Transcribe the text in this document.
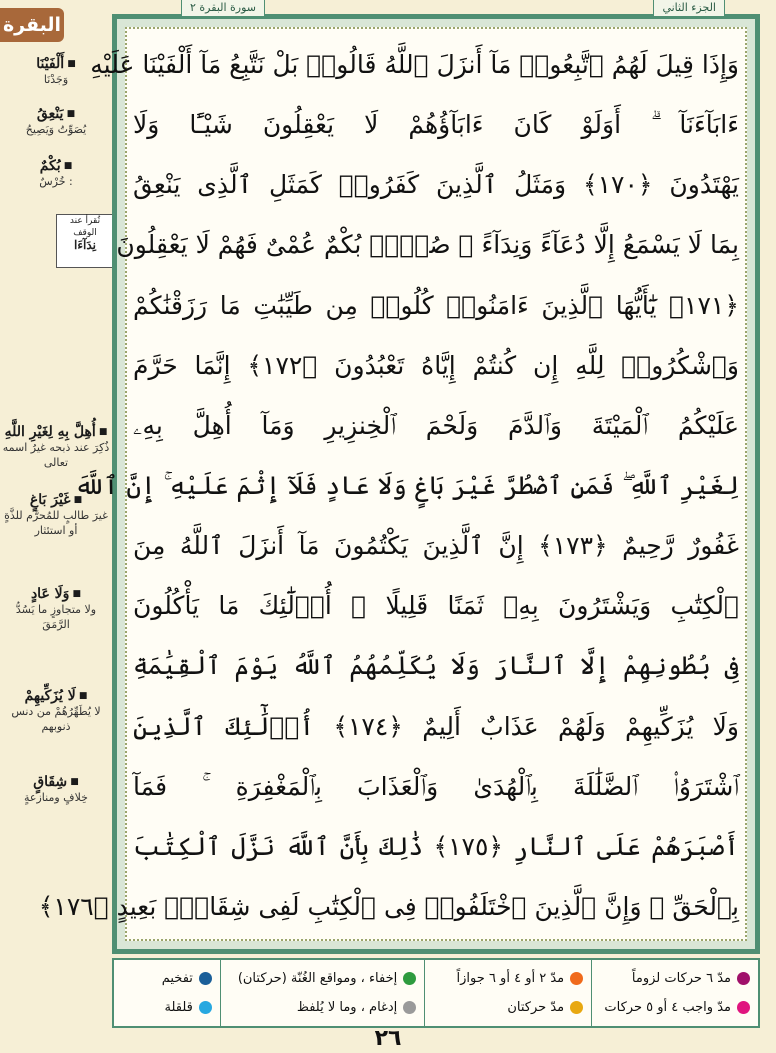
البقرة
■ أَلْفَيْنَا
وَجَدْنَا
■ يَنْعِقُ
يُصَوِّتُ وَيَصِيحُ
■ بُكْمٌ
: خُرْسٌ
■ أُهِلَّ بِهِ لِغَيْرِ اللَّهِ
ذُكِرَ عند ذبحه غيرُ اسمه تعالى
■ غَيْرَ بَاغٍ
غيرَ طالبٍ للمُحرَّم للذَّةٍ أو استئثار
■ وَلَا عَادٍ
ولا متجاوزٍ ما يَسُدُّ الرَّمَقَ
■ لَا يُزَكِّيهِمْ
لا يُطَهِّرُهُمْ من دنس ذنوبهم
■ شِقَاقٍ
خِلافٍ ومنازعةٍ
تُقرأ عند
الوقف
نِدَآءَا
سورة البقرة ٢	الجزء الثاني
وَإِذَا قِيلَ لَهُمُ ٱتَّبِعُوا۟ مَآ أَنزَلَ ٱللَّهُ قَالُوا۟ بَلْ نَتَّبِعُ مَآ أَلْفَيْنَا عَلَيْهِ
ءَابَآءَنَآ ۗ أَوَلَوْ كَانَ ءَابَآؤُهُمْ لَا يَعْقِلُونَ شَيْـًٔا وَلَا
يَهْتَدُونَ ﴿١٧٠﴾ وَمَثَلُ ٱلَّذِينَ كَفَرُوا۟ كَمَثَلِ ٱلَّذِى يَنْعِقُ
بِمَا لَا يَسْمَعُ إِلَّا دُعَآءً وَنِدَآءً ۚ صُمٌّۢ بُكْمٌ عُمْىٌ فَهُمْ لَا يَعْقِلُونَ
﴿١٧١﴾ يَٰٓأَيُّهَا ٱلَّذِينَ ءَامَنُوا۟ كُلُوا۟ مِن طَيِّبَٰتِ مَا رَزَقْنَٰكُمْ
وَٱشْكُرُوا۟ لِلَّهِ إِن كُنتُمْ إِيَّاهُ تَعْبُدُونَ ﴿١٧٢﴾ إِنَّمَا حَرَّمَ
عَلَيْكُمُ ٱلْمَيْتَةَ وَٱلدَّمَ وَلَحْمَ ٱلْخِنزِيرِ وَمَآ أُهِلَّ بِهِۦ
لِغَيْرِ ٱللَّهِ ۖ فَمَنِ ٱضْطُرَّ غَيْرَ بَاغٍ وَلَا عَادٍ فَلَآ إِثْمَ عَلَيْهِ ۚ إِنَّ ٱللَّهَ
غَفُورٌ رَّحِيمٌ ﴿١٧٣﴾ إِنَّ ٱلَّذِينَ يَكْتُمُونَ مَآ أَنزَلَ ٱللَّهُ مِنَ
ٱلْكِتَٰبِ وَيَشْتَرُونَ بِهِۦ ثَمَنًا قَلِيلًا ۙ أُو۟لَٰٓئِكَ مَا يَأْكُلُونَ
فِى بُطُونِهِمْ إِلَّا ٱلنَّارَ وَلَا يُكَلِّمُهُمُ ٱللَّهُ يَوْمَ ٱلْقِيَٰمَةِ
وَلَا يُزَكِّيهِمْ وَلَهُمْ عَذَابٌ أَلِيمٌ ﴿١٧٤﴾ أُو۟لَٰٓئِكَ ٱلَّذِينَ
ٱشْتَرَوُا۟ ٱلضَّلَٰلَةَ بِٱلْهُدَىٰ وَٱلْعَذَابَ بِٱلْمَغْفِرَةِ ۚ فَمَآ
أَصْبَرَهُمْ عَلَى ٱلنَّارِ ﴿١٧٥﴾ ذَٰلِكَ بِأَنَّ ٱللَّهَ نَزَّلَ ٱلْكِتَٰبَ
بِٱلْحَقِّ ۗ وَإِنَّ ٱلَّذِينَ ٱخْتَلَفُوا۟ فِى ٱلْكِتَٰبِ لَفِى شِقَاقٍۭ بَعِيدٍ ﴿١٧٦﴾
مدّ ٦ حركات لزوماً
مدّ واجب ٤ أو ٥ حركات
مدّ ٢ أو ٤ أو ٦ جوازاً
مدّ حركتان
إخفاء ، ومواقع الغُنّة (حركتان)
إدغام ، وما لا يُلفظ
تفخيم
قلقلة
٢٦
